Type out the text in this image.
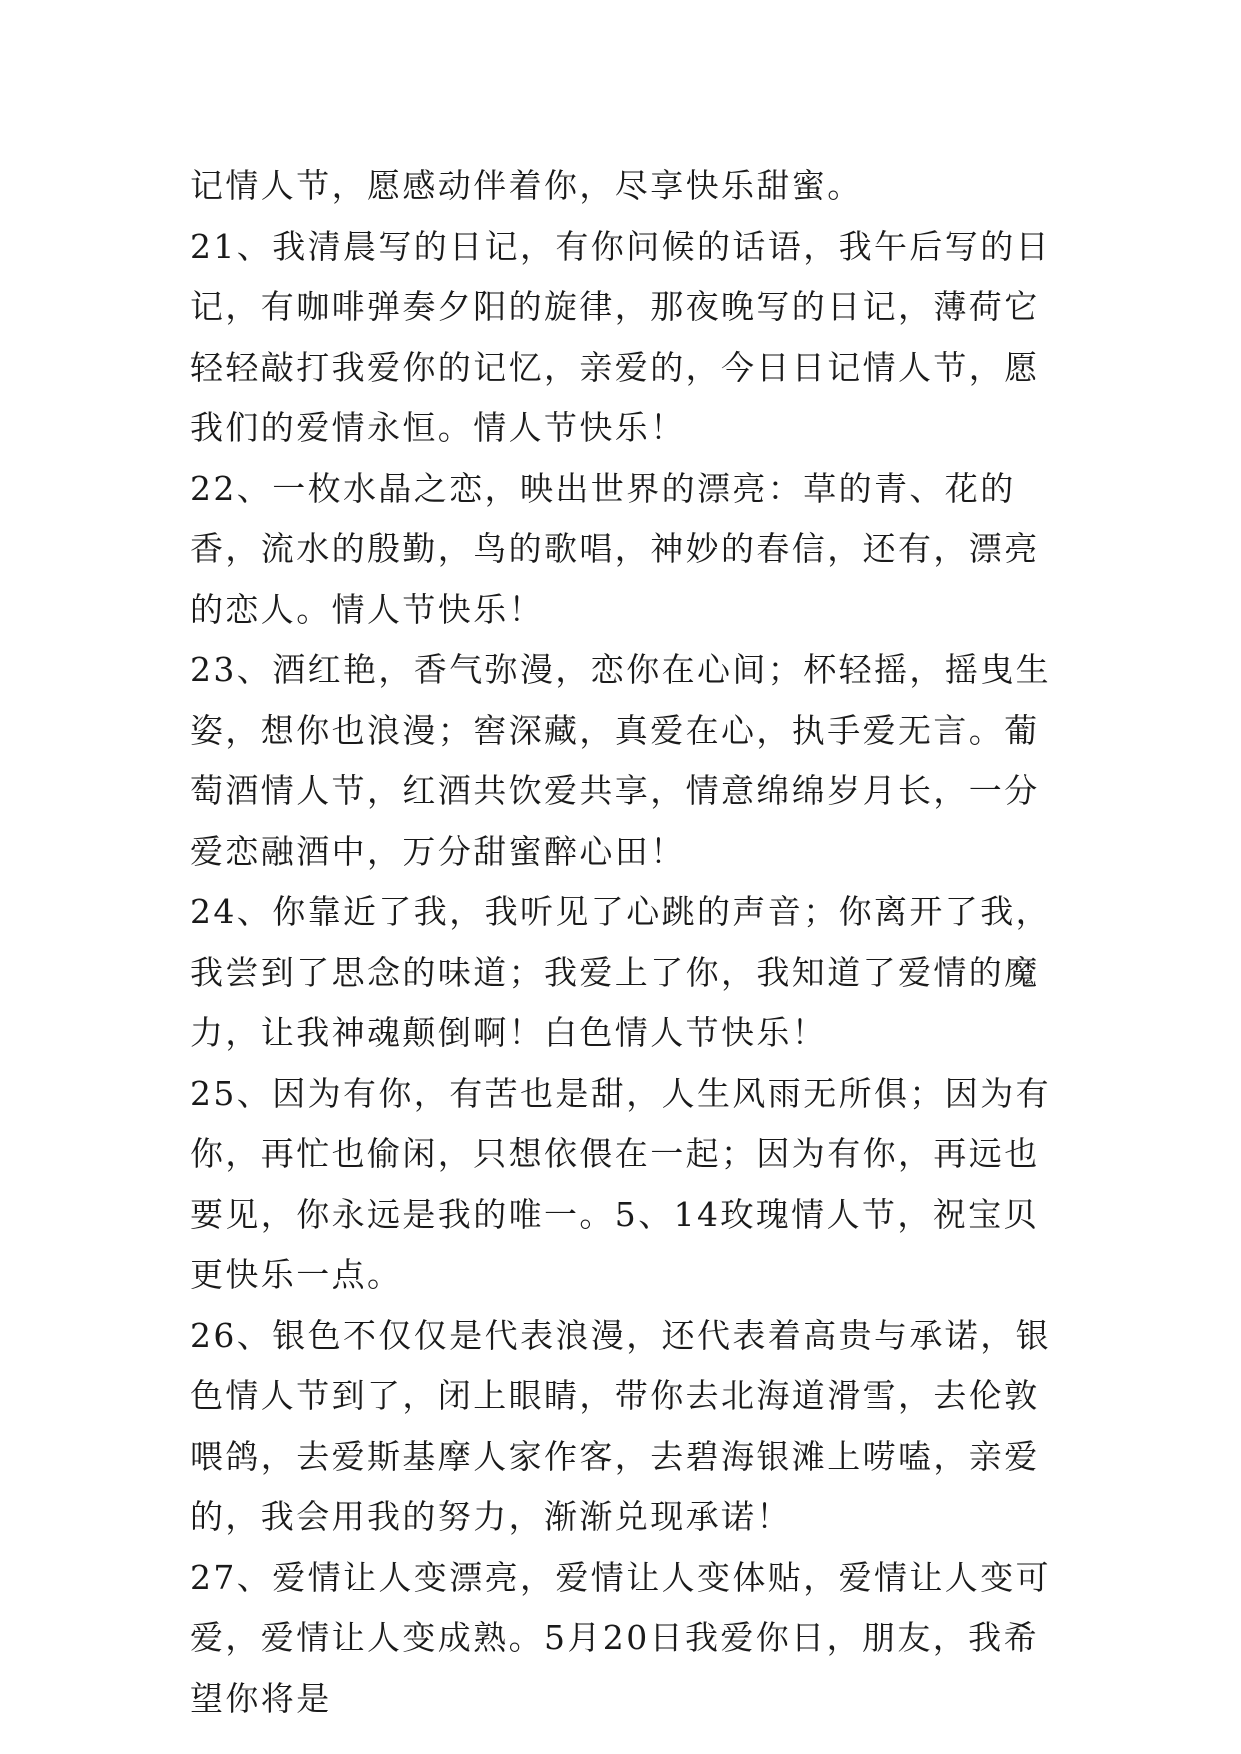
记情人节，愿感动伴着你，尽享快乐甜蜜。

21、我清晨写的日记，有你问候的话语，我午后写的日记，有咖啡弹奏夕阳的旋律，那夜晚写的日记，薄荷它轻轻敲打我爱你的记忆，亲爱的，今日日记情人节，愿我们的爱情永恒。情人节快乐！

22、一枚水晶之恋，映出世界的漂亮：草的青、花的香，流水的殷勤，鸟的歌唱，神妙的春信，还有，漂亮的恋人。情人节快乐！

23、酒红艳，香气弥漫，恋你在心间；杯轻摇，摇曳生姿，想你也浪漫；窖深藏，真爱在心，执手爱无言。葡萄酒情人节，红酒共饮爱共享，情意绵绵岁月长，一分爱恋融酒中，万分甜蜜醉心田！

24、你靠近了我，我听见了心跳的声音；你离开了我，我尝到了思念的味道；我爱上了你，我知道了爱情的魔力，让我神魂颠倒啊！白色情人节快乐！

25、因为有你，有苦也是甜，人生风雨无所俱；因为有你，再忙也偷闲，只想依偎在一起；因为有你，再远也要见，你永远是我的唯一。5、14玫瑰情人节，祝宝贝更快乐一点。

26、银色不仅仅是代表浪漫，还代表着高贵与承诺，银色情人节到了，闭上眼睛，带你去北海道滑雪，去伦敦喂鸽，去爱斯基摩人家作客，去碧海银滩上唠嗑，亲爱的，我会用我的努力，渐渐兑现承诺！

27、爱情让人变漂亮，爱情让人变体贴，爱情让人变可爱，爱情让人变成熟。5月20日我爱你日，朋友，我希望你将是
